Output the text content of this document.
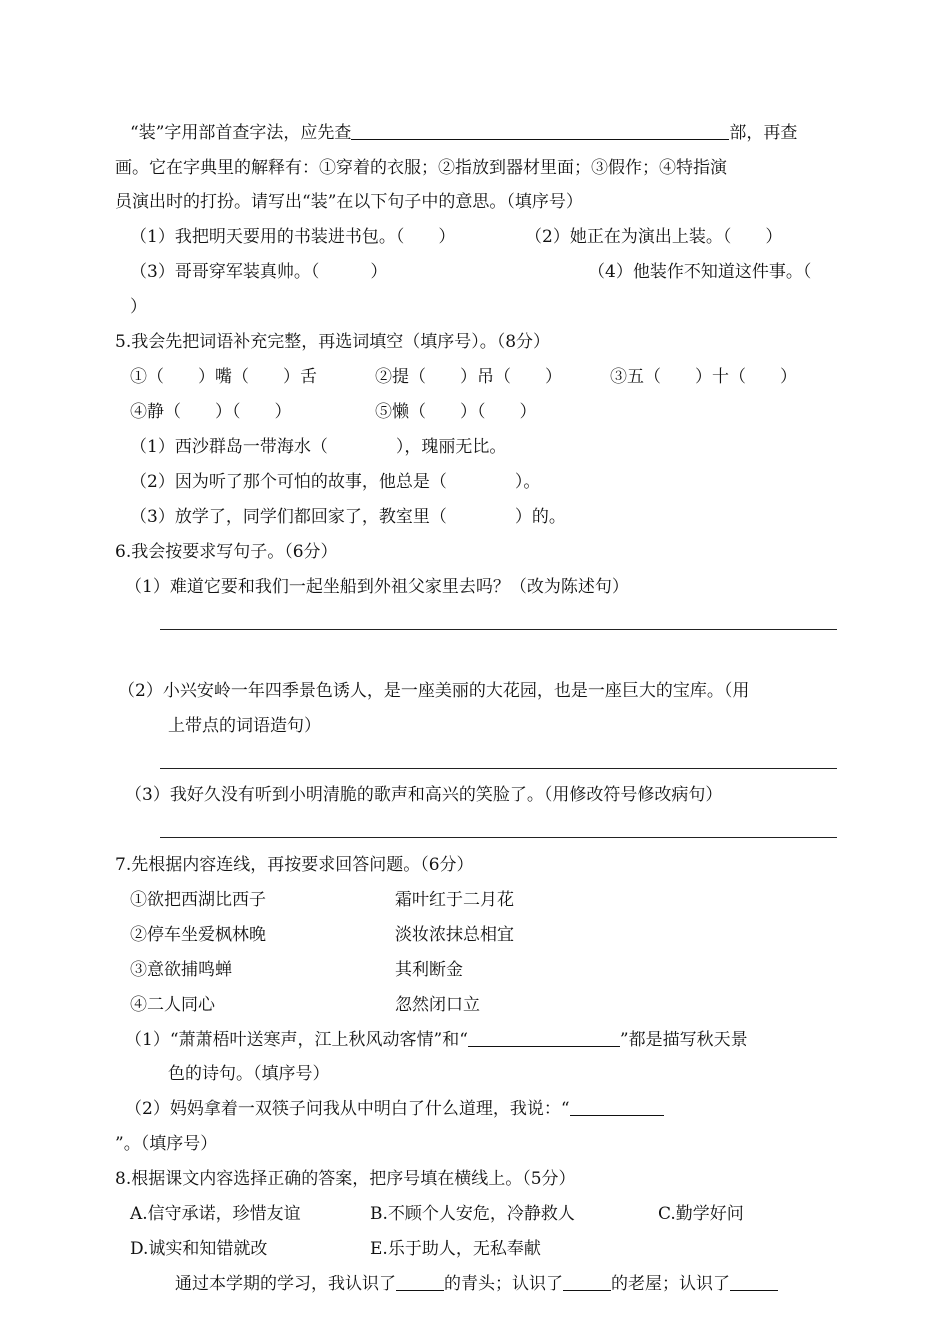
“装”字用部首查字法，应先查	部，再查
画。它在字典里的解释有：①穿着的衣服；②指放到器材里面；③假作；④特指演
员演出时的打扮。请写出“装”在以下句子中的意思。（填序号）
（1）我把明天要用的书装进书包。（　　）	（2）她正在为演出上装。（　　）
（3）哥哥穿军装真帅。（　　　）	（4）他装作不知道这件事。（
）
5.我会先把词语补充完整，再选词填空（填序号）。（8分）
①（　　）嘴（　　）舌	②提（　　）吊（　　）	③五（　　）十（　　）
④静（　　）（　　）	⑤懒（　　）（　　）
（1）西沙群岛一带海水（　　　　），瑰丽无比。
（2）因为听了那个可怕的故事，他总是（　　　　）。
（3）放学了，同学们都回家了，教室里（　　　　）的。
6.我会按要求写句子。（6分）
（1）难道它要和我们一起坐船到外祖父家里去吗？（改为陈述句）
（2）小兴安岭一年四季景色诱人，是一座美丽的大花园，也是一座巨大的宝库。（用
上带点的词语造句）
（3）我好久没有听到小明清脆的歌声和高兴的笑脸了。（用修改符号修改病句）
7.先根据内容连线，再按要求回答问题。（6分）
①欲把西湖比西子	霜叶红于二月花
②停车坐爱枫林晚	淡妆浓抹总相宜
③意欲捕鸣蝉	其利断金
④二人同心	忽然闭口立
（1）“萧萧梧叶送寒声，江上秋风动客情”和“	”都是描写秋天景
色的诗句。（填序号）
（2）妈妈拿着一双筷子问我从中明白了什么道理，我说：“
”。（填序号）
8.根据课文内容选择正确的答案，把序号填在横线上。（5分）
A.信守承诺，珍惜友谊	B.不顾个人安危，冷静救人	C.勤学好问
D.诚实和知错就改	E.乐于助人，无私奉献
通过本学期的学习，我认识了	的青头；认识了	的老屋；认识了
